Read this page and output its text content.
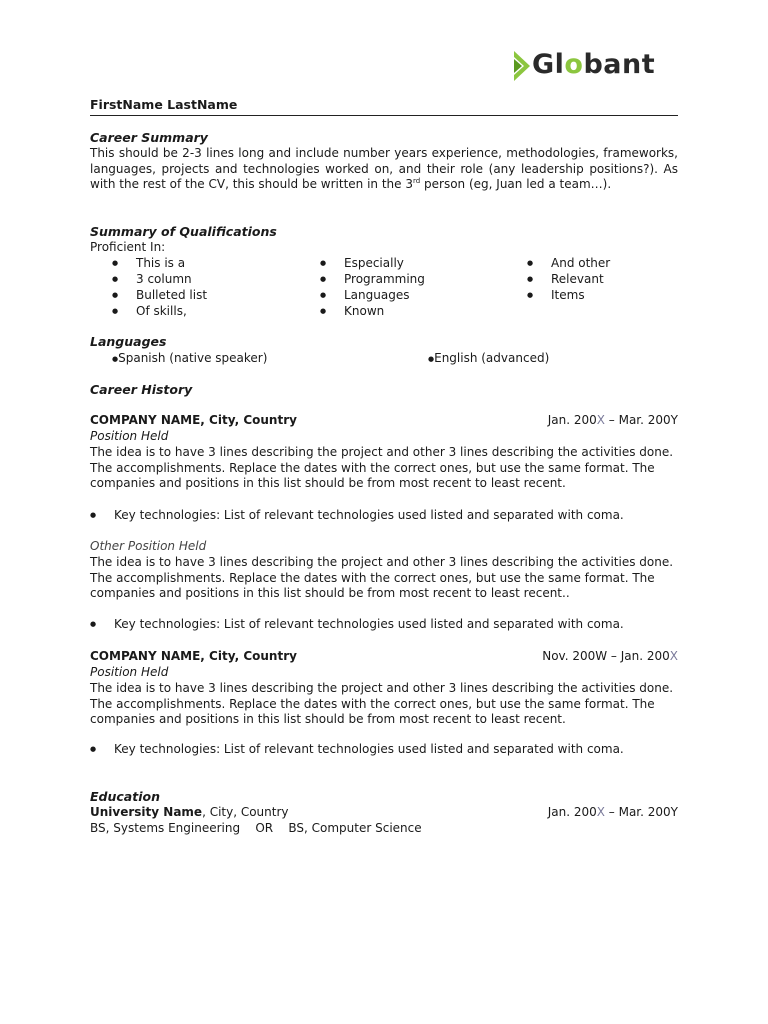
Globant
FirstName LastName
Career Summary
This should be 2-3 lines long and include number years experience, methodologies, frameworks, languages, projects and technologies worked on, and their role (any leadership positions?). As with the rest of the CV, this should be written in the 3rd person (eg, Juan led a team…).
Summary of Qualifications
Proficient In:
● This is a
● 3 column
● Bulleted list
● Of skills,
● Especially
● Programming
● Languages
● Known
● And other
● Relevant
● Items
Languages
●Spanish (native speaker)	●English (advanced)
Career History
COMPANY NAME, City, Country	Jan. 200X – Mar. 200Y
Position Held
The idea is to have 3 lines describing the project and other 3 lines describing the activities done. The accomplishments. Replace the dates with the correct ones, but use the same format. The companies and positions in this list should be from most recent to least recent.
● Key technologies: List of relevant technologies used listed and separated with coma.
Other Position Held
The idea is to have 3 lines describing the project and other 3 lines describing the activities done. The accomplishments. Replace the dates with the correct ones, but use the same format. The companies and positions in this list should be from most recent to least recent..
● Key technologies: List of relevant technologies used listed and separated with coma.
COMPANY NAME, City, Country	Nov. 200W – Jan. 200X
Position Held
The idea is to have 3 lines describing the project and other 3 lines describing the activities done. The accomplishments. Replace the dates with the correct ones, but use the same format. The companies and positions in this list should be from most recent to least recent.
● Key technologies: List of relevant technologies used listed and separated with coma.
Education
University Name, City, Country	Jan. 200X – Mar. 200Y
BS, Systems Engineering    OR    BS, Computer Science
